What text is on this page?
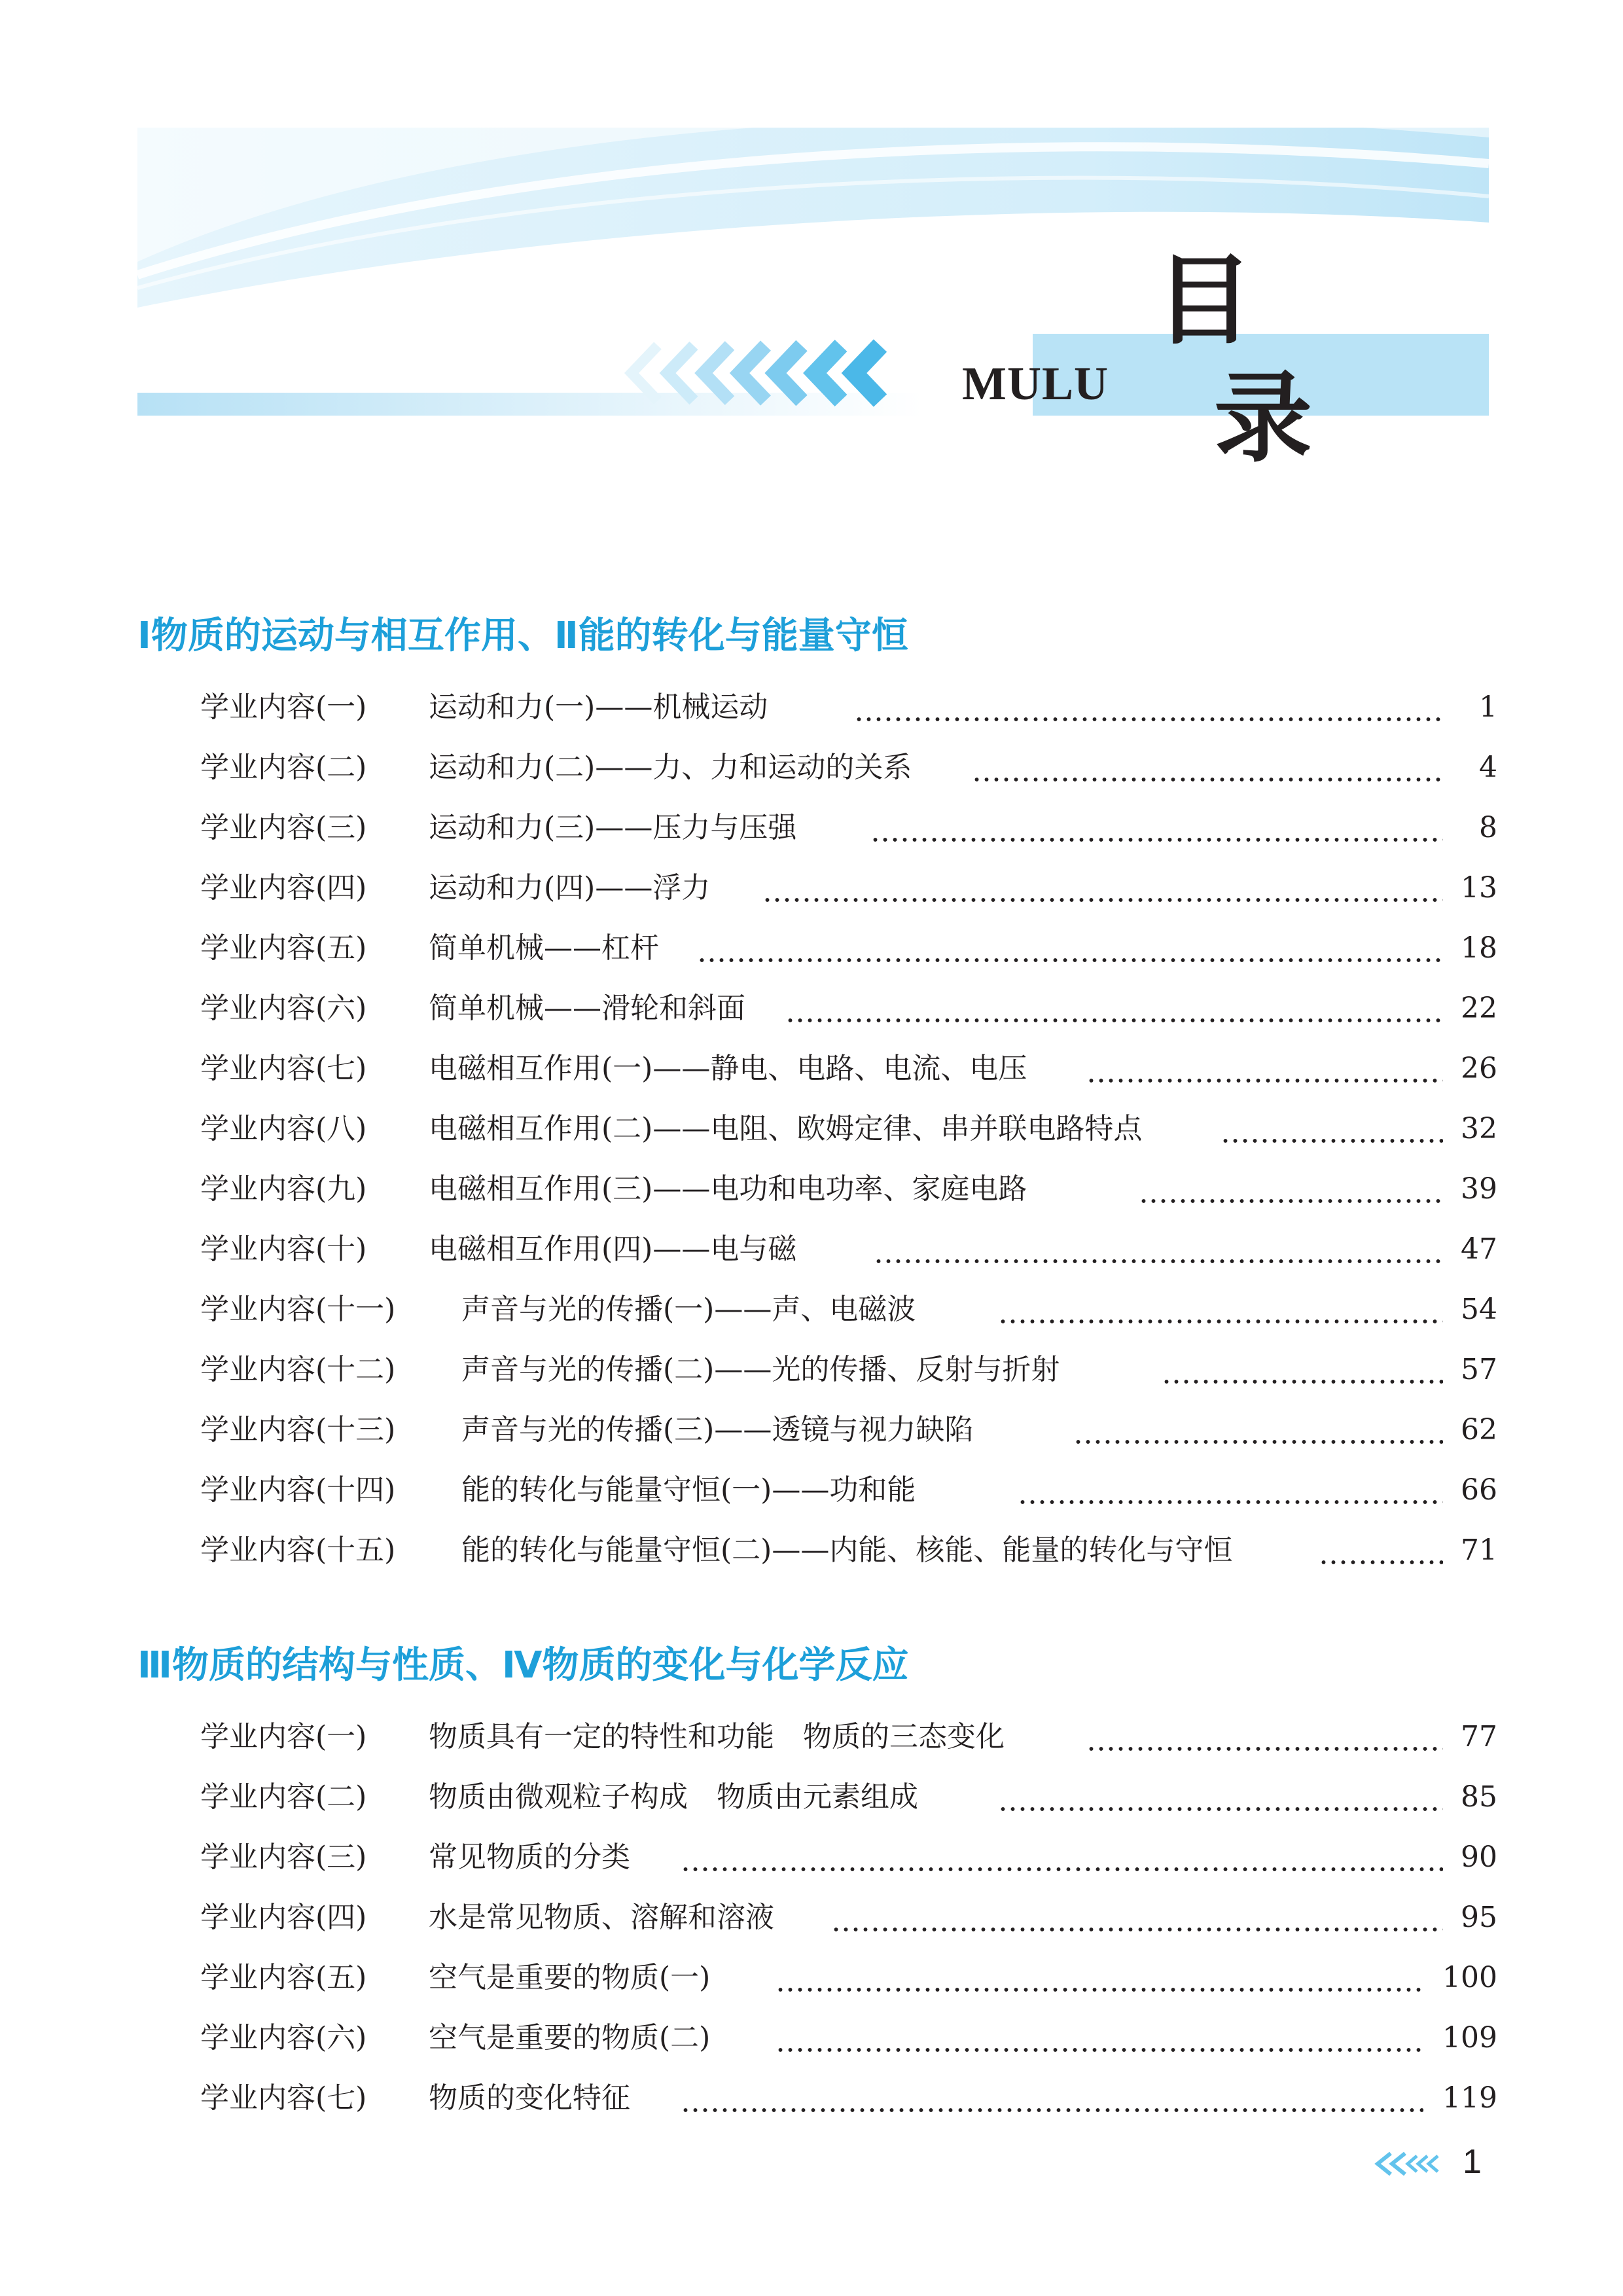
MULU
目
录
Ⅰ物质的运动与相互作用、Ⅱ能的转化与能量守恒
学业内容(一) 运动和力(一)——机械运动	1
学业内容(二) 运动和力(二)——力、力和运动的关系	4
学业内容(三) 运动和力(三)——压力与压强	8
学业内容(四) 运动和力(四)——浮力	13
学业内容(五) 简单机械——杠杆	18
学业内容(六) 简单机械——滑轮和斜面	22
学业内容(七) 电磁相互作用(一)——静电、电路、电流、电压	26
学业内容(八) 电磁相互作用(二)——电阻、欧姆定律、串并联电路特点	32
学业内容(九) 电磁相互作用(三)——电功和电功率、家庭电路	39
学业内容(十) 电磁相互作用(四)——电与磁	47
学业内容(十一) 声音与光的传播(一)——声、电磁波	54
学业内容(十二) 声音与光的传播(二)——光的传播、反射与折射	57
学业内容(十三) 声音与光的传播(三)——透镜与视力缺陷	62
学业内容(十四) 能的转化与能量守恒(一)——功和能	66
学业内容(十五) 能的转化与能量守恒(二)——内能、核能、能量的转化与守恒	71
Ⅲ物质的结构与性质、Ⅳ物质的变化与化学反应
学业内容(一) 物质具有一定的特性和功能　物质的三态变化	77
学业内容(二) 物质由微观粒子构成　物质由元素组成	85
学业内容(三) 常见物质的分类	90
学业内容(四) 水是常见物质、溶解和溶液	95
学业内容(五) 空气是重要的物质(一)	100
学业内容(六) 空气是重要的物质(二)	109
学业内容(七) 物质的变化特征	119
1
